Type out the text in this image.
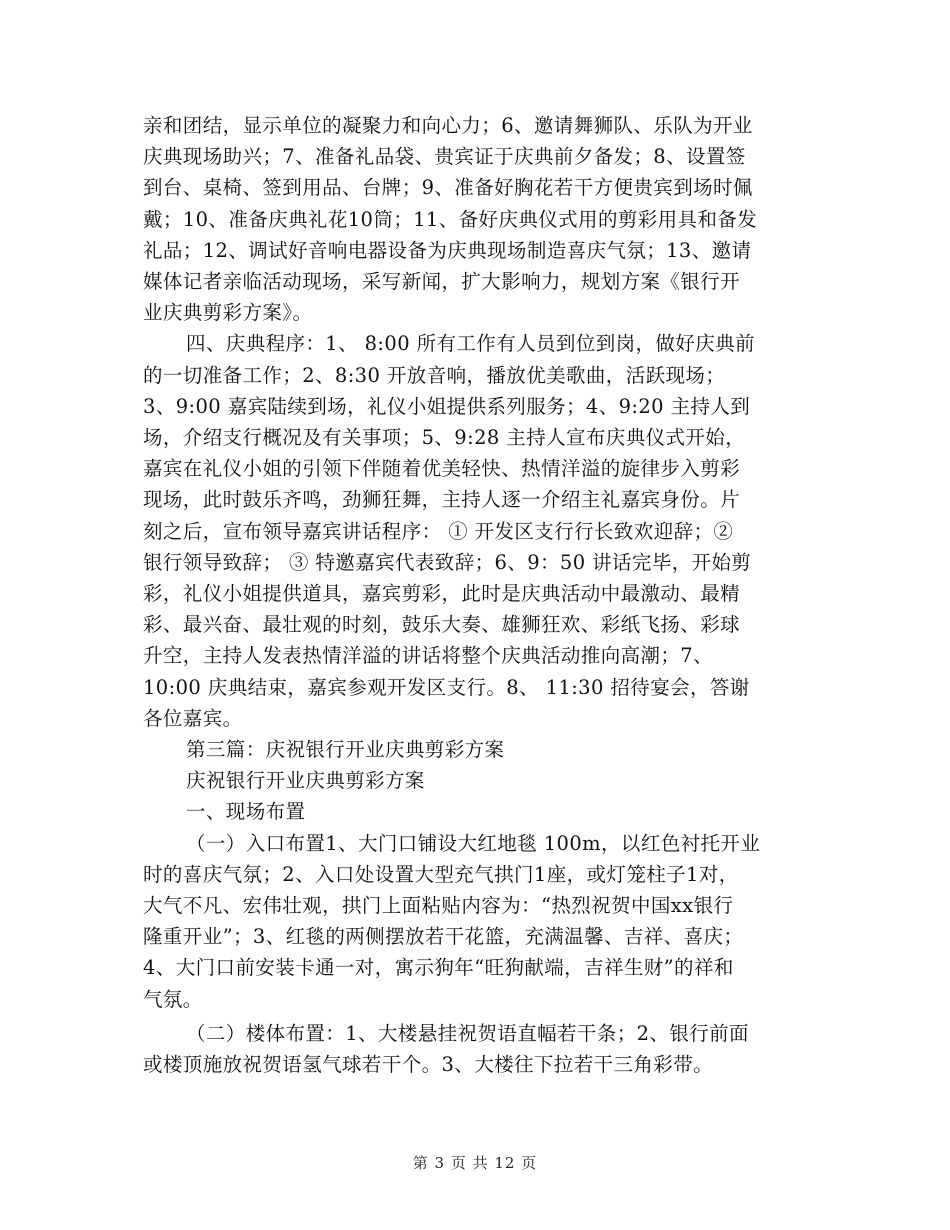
亲和团结，显示单位的凝聚力和向心力；6、邀请舞狮队、乐队为开业
庆典现场助兴；7、准备礼品袋、贵宾证于庆典前夕备发；8、设置签
到台、桌椅、签到用品、台牌；9、准备好胸花若干方便贵宾到场时佩
戴；10、准备庆典礼花10筒；11、备好庆典仪式用的剪彩用具和备发
礼品；12、调试好音响电器设备为庆典现场制造喜庆气氛；13、邀请
媒体记者亲临活动现场，采写新闻，扩大影响力，规划方案《银行开
业庆典剪彩方案》。
四、庆典程序：1、 8:00 所有工作有人员到位到岗，做好庆典前
的一切准备工作；2、8:30 开放音响，播放优美歌曲，活跃现场；
3、9:00 嘉宾陆续到场，礼仪小姐提供系列服务；4、9:20 主持人到
场，介绍支行概况及有关事项；5、9:28 主持人宣布庆典仪式开始，
嘉宾在礼仪小姐的引领下伴随着优美轻快、热情洋溢的旋律步入剪彩
现场，此时鼓乐齐鸣，劲狮狂舞，主持人逐一介绍主礼嘉宾身份。片
刻之后，宣布领导嘉宾讲话程序： ① 开发区支行行长致欢迎辞；②
银行领导致辞； ③ 特邀嘉宾代表致辞；6、9：50 讲话完毕，开始剪
彩，礼仪小姐提供道具，嘉宾剪彩，此时是庆典活动中最激动、最精
彩、最兴奋、最壮观的时刻，鼓乐大奏、雄狮狂欢、彩纸飞扬、彩球
升空，主持人发表热情洋溢的讲话将整个庆典活动推向高潮；7、
10:00 庆典结束，嘉宾参观开发区支行。8、 11:30 招待宴会，答谢
各位嘉宾。
第三篇：庆祝银行开业庆典剪彩方案
庆祝银行开业庆典剪彩方案
一、现场布置
（一）入口布置1、大门口铺设大红地毯 100m，以红色衬托开业
时的喜庆气氛；2、入口处设置大型充气拱门1座，或灯笼柱子1对，
大气不凡、宏伟壮观，拱门上面粘贴内容为：“热烈祝贺中国xx银行
隆重开业”；3、红毯的两侧摆放若干花篮，充满温馨、吉祥、喜庆；
4、大门口前安装卡通一对，寓示狗年“旺狗献端，吉祥生财”的祥和
气氛。
（二）楼体布置：1、大楼悬挂祝贺语直幅若干条；2、银行前面
或楼顶施放祝贺语氢气球若干个。3、大楼往下拉若干三角彩带。
第 3 页 共 12 页
